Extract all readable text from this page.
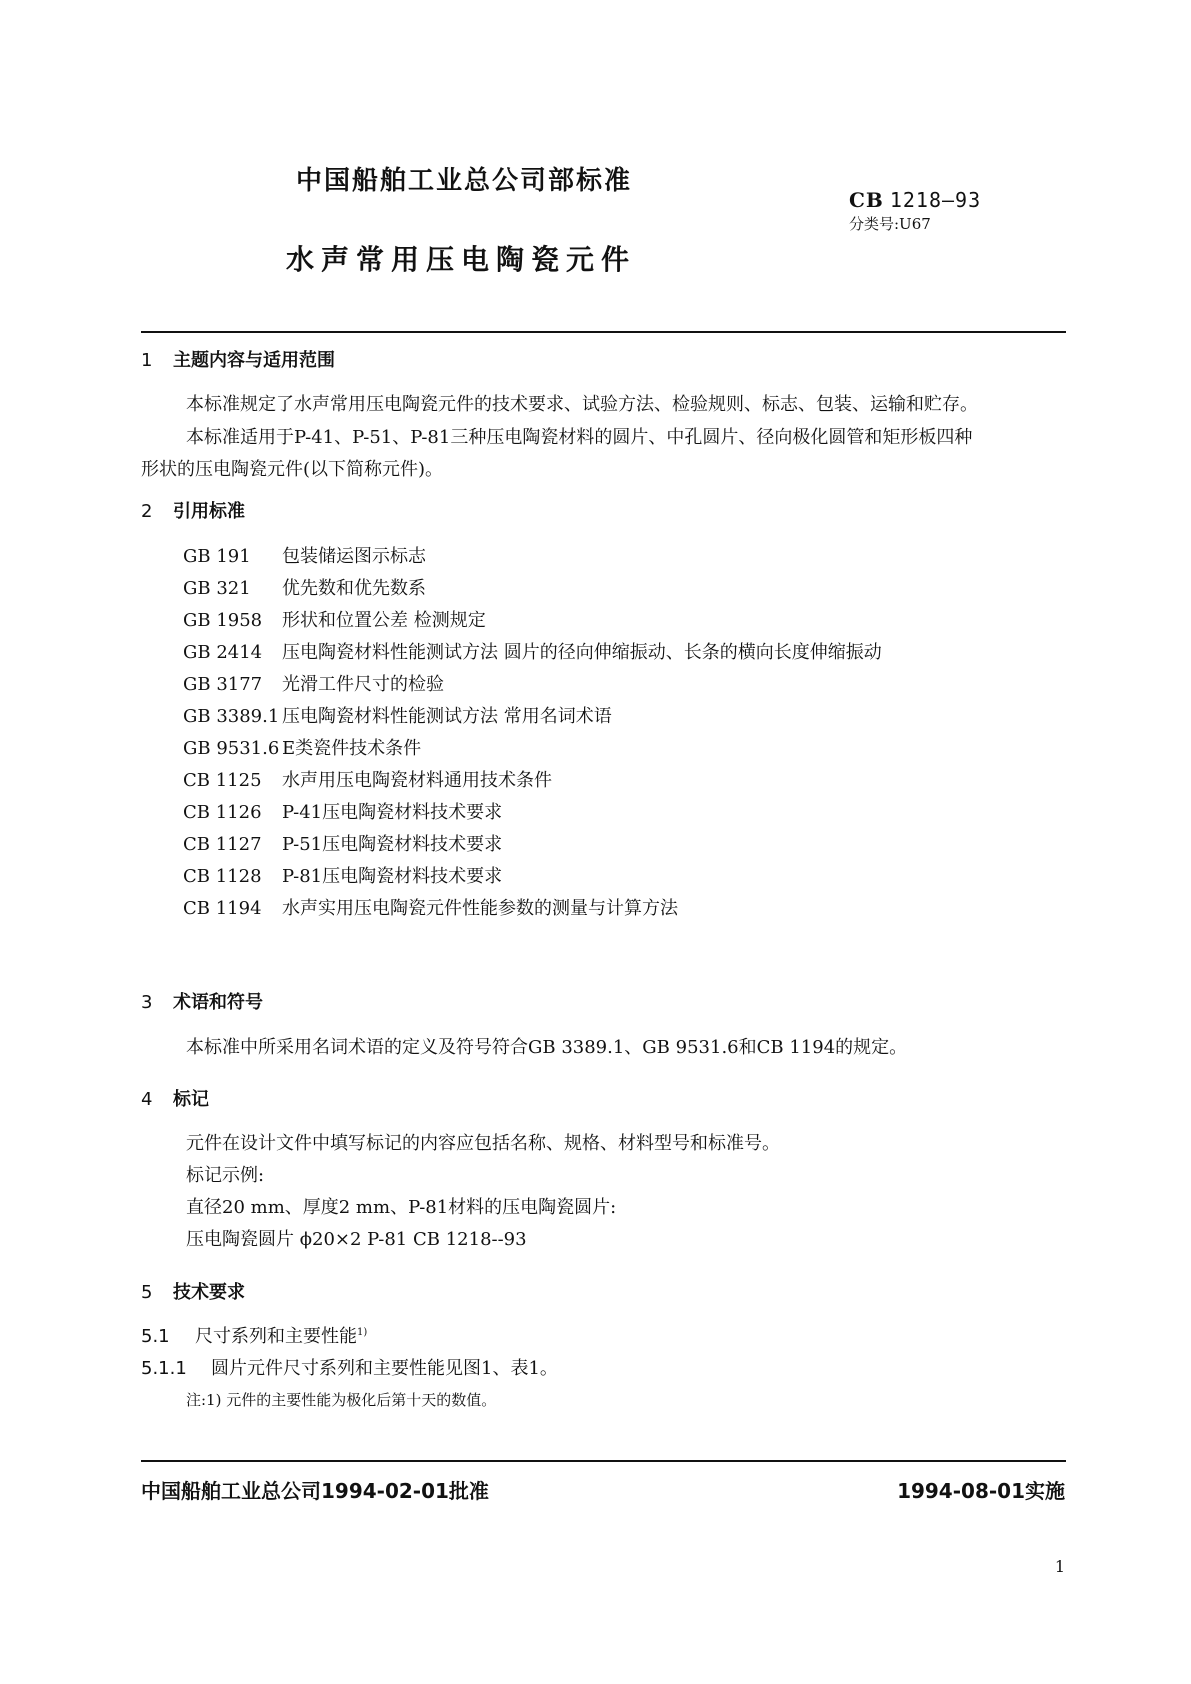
中国船舶工业总公司部标准
CB 1218—93
分类号:U67
水声常用压电陶瓷元件
1 主题内容与适用范围
本标准规定了水声常用压电陶瓷元件的技术要求、试验方法、检验规则、标志、包装、运输和贮存。
本标准适用于P-41、P-51、P-81三种压电陶瓷材料的圆片、中孔圆片、径向极化圆管和矩形板四种
形状的压电陶瓷元件(以下简称元件)。
2 引用标准
GB 191 包装储运图示标志
GB 321 优先数和优先数系
GB 1958 形状和位置公差 检测规定
GB 2414 压电陶瓷材料性能测试方法 圆片的径向伸缩振动、长条的横向长度伸缩振动
GB 3177 光滑工件尺寸的检验
GB 3389.1 压电陶瓷材料性能测试方法 常用名词术语
GB 9531.6 E类瓷件技术条件
CB 1125 水声用压电陶瓷材料通用技术条件
CB 1126 P-41压电陶瓷材料技术要求
CB 1127 P-51压电陶瓷材料技术要求
CB 1128 P-81压电陶瓷材料技术要求
CB 1194 水声实用压电陶瓷元件性能参数的测量与计算方法
3 术语和符号
本标准中所采用名词术语的定义及符号符合GB 3389.1、GB 9531.6和CB 1194的规定。
4 标记
元件在设计文件中填写标记的内容应包括名称、规格、材料型号和标准号。
标记示例:
直径20 mm、厚度2 mm、P-81材料的压电陶瓷圆片:
压电陶瓷圆片 ϕ20×2 P-81 CB 1218--93
5 技术要求
5.1 尺寸系列和主要性能$^{1)}$
5.1.1 圆片元件尺寸系列和主要性能见图1、表1。
注:1) 元件的主要性能为极化后第十天的数值。
中国船舶工业总公司1994-02-01批准	1994-08-01实施
1
